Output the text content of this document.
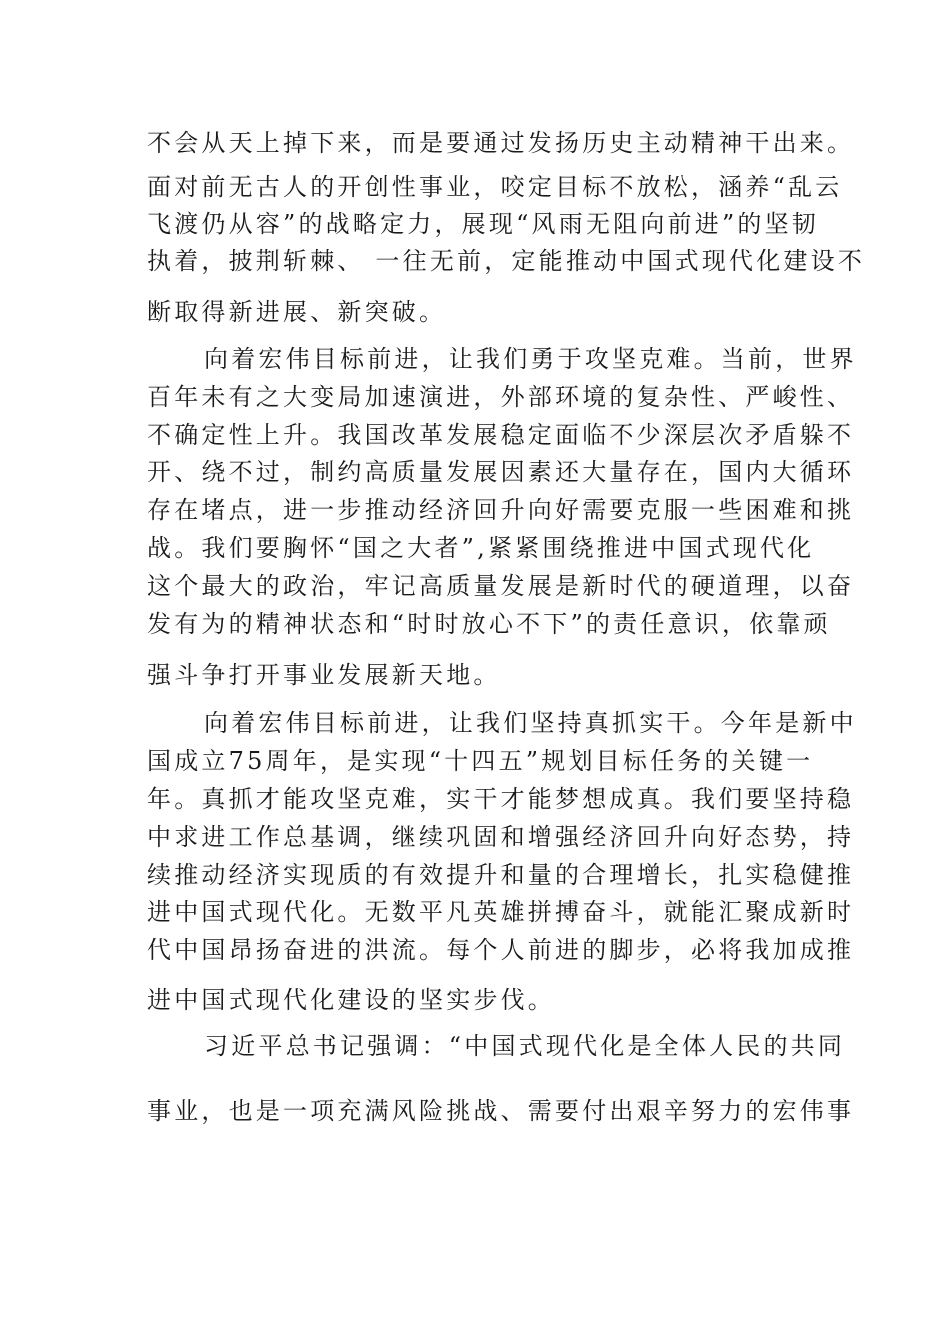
不会从天上掉下来，而是要通过发扬历史主动精神干出来。
面对前无古人的开创性事业，咬定目标不放松，涵养“乱云
飞渡仍从容”的战略定力，展现“风雨无阻向前进”的坚韧
执着，披荆斩棘、 一往无前，定能推动中国式现代化建设不
断取得新进展、新突破。
向着宏伟目标前进，让我们勇于攻坚克难。当前，世界
百年未有之大变局加速演进，外部环境的复杂性、严峻性、
不确定性上升。我国改革发展稳定面临不少深层次矛盾躲不
开、绕不过，制约高质量发展因素还大量存在，国内大循环
存在堵点，进一步推动经济回升向好需要克服一些困难和挑
战。我们要胸怀“国之大者”,紧紧围绕推进中国式现代化
这个最大的政治，牢记高质量发展是新时代的硬道理，以奋
发有为的精神状态和“时时放心不下”的责任意识，依靠顽
强斗争打开事业发展新天地。
向着宏伟目标前进，让我们坚持真抓实干。今年是新中
国成立75周年，是实现“十四五”规划目标任务的关键一
年。真抓才能攻坚克难，实干才能梦想成真。我们要坚持稳
中求进工作总基调，继续巩固和增强经济回升向好态势，持
续推动经济实现质的有效提升和量的合理增长，扎实稳健推
进中国式现代化。无数平凡英雄拼搏奋斗，就能汇聚成新时
代中国昂扬奋进的洪流。每个人前进的脚步，必将我加成推
进中国式现代化建设的坚实步伐。
习近平总书记强调：“中国式现代化是全体人民的共同
事业，也是一项充满风险挑战、需要付出艰辛努力的宏伟事
